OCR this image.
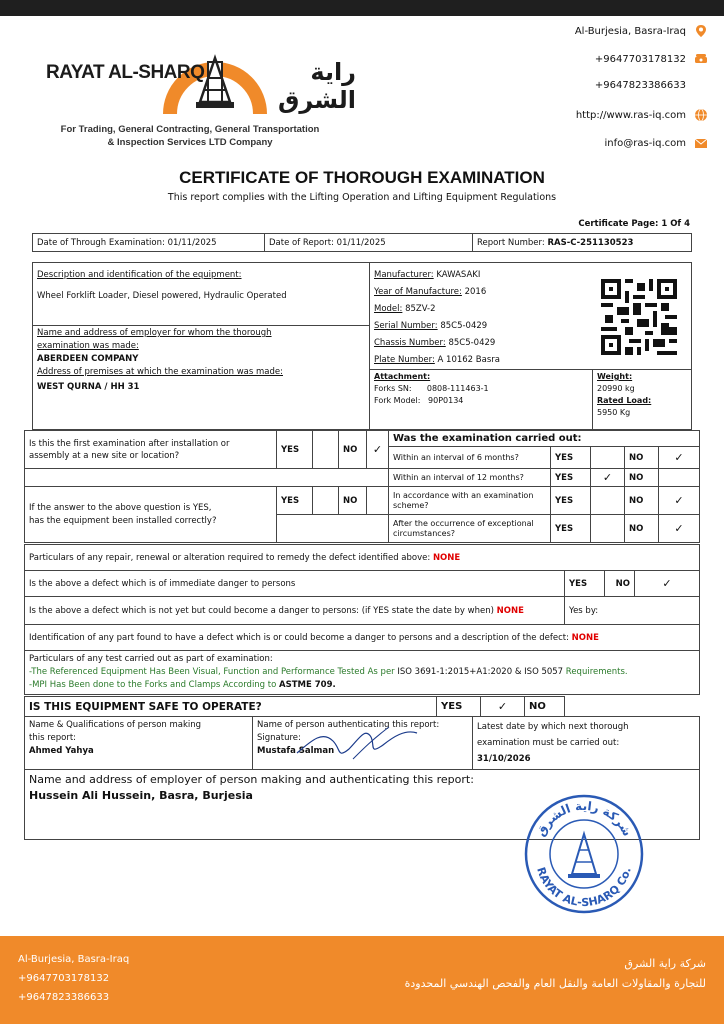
RAYAT AL-SHARQ	راية الشرق
For Trading, General Contracting, General Transportation
& Inspection Services LTD Company
Al-Burjesia, Basra-Iraq
+9647703178132
+9647823386633
http://www.ras-iq.com
info@ras-iq.com
CERTIFICATE OF THOROUGH EXAMINATION
This report complies with the Lifting Operation and Lifting Equipment Regulations
Certificate Page: 1 Of 4
Date of Through Examination: 01/11/2025	Date of Report: 01/11/2025	Report Number: RAS-C-251130523
Description and identification of the equipment:
Wheel Forklift Loader, Diesel powered, Hydraulic Operated
Name and address of employer for whom the thorough
examination was made:
ABERDEEN COMPANY
Address of premises at which the examination was made:
WEST QURNA / HH 31
Manufacturer: KAWASAKI
Year of Manufacture: 2016
Model: 85ZV-2
Serial Number: 85C5-0429
Chassis Number: 85C5-0429
Plate Number: A 10162 Basra
Attachment:
Forks SN: 0808-111463-1
Fork Model: 90P0134
Weight:
20990 kg
Rated Load:
5950 Kg
Is this the first examination after installation or assembly at a new site or location?	YES		NO	✓	Was the examination carried out:				
					Within an interval of 6 months?	YES		NO	✓
					Within an interval of 12 months?	YES	✓	NO	

If the answer to the above question is YES,
has the equipment been installed correctly?	YES		NO		In accordance with an examination scheme?	YES		NO	✓
					After the occurrence of exceptional circumstances?	YES		NO	✓
Particulars of any repair, renewal or alteration required to remedy the defect identified above: NONE			
Is the above a defect which is of immediate danger to persons	YES	NO	✓
Is the above a defect which is not yet but could become a danger to persons: (if YES state the date by when) NONE	Yes by:		
Identification of any part found to have a defect which is or could become a danger to persons and a description of the defect: NONE			

Particulars of any test carried out as part of examination:
-The Referenced Equipment Has Been Visual, Function and Performance Tested As per ISO 3691-1:2015+A1:2020 & ISO 5057 Requirements.
-MPI Has Been done to the Forks and Clamps According to ASTME 709.			
IS THIS EQUIPMENT SAFE TO OPERATE?	YES	✓	NO	
Name & Qualifications of person making
this report:
Ahmed Yahya

Name of person authenticating this report:
Signature:
Mustafa Salman

Latest date by which next thorough
examination must be carried out:
31/10/2026

Name and address of employer of person making and authenticating this report:
Hussein Ali Hussein, Basra, Burjesia
شركة راية الشرق
RAYAT AL-SHARQ Co.
Al-Burjesia, Basra-Iraq
+9647703178132
+9647823386633
شركة راية الشرق
للتجارة والمقاولات العامة والنقل العام والفحص الهندسي المحدودة
